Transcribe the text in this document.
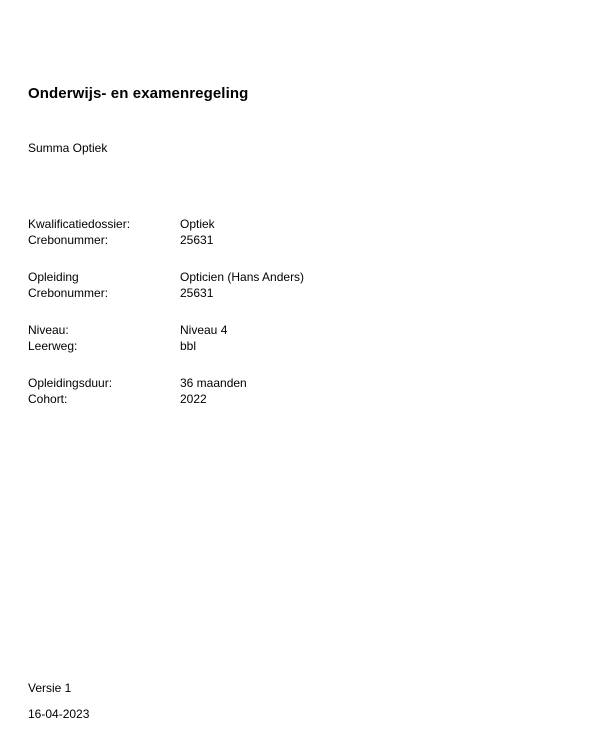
Onderwijs- en examenregeling
Summa Optiek
Kwalificatiedossier:	Optiek
Crebonummer:	25631
Opleiding	Opticien (Hans Anders)
Crebonummer:	25631
Niveau:	Niveau 4
Leerweg:	bbl
Opleidingsduur:	36 maanden
Cohort:	2022
Versie 1
16-04-2023
